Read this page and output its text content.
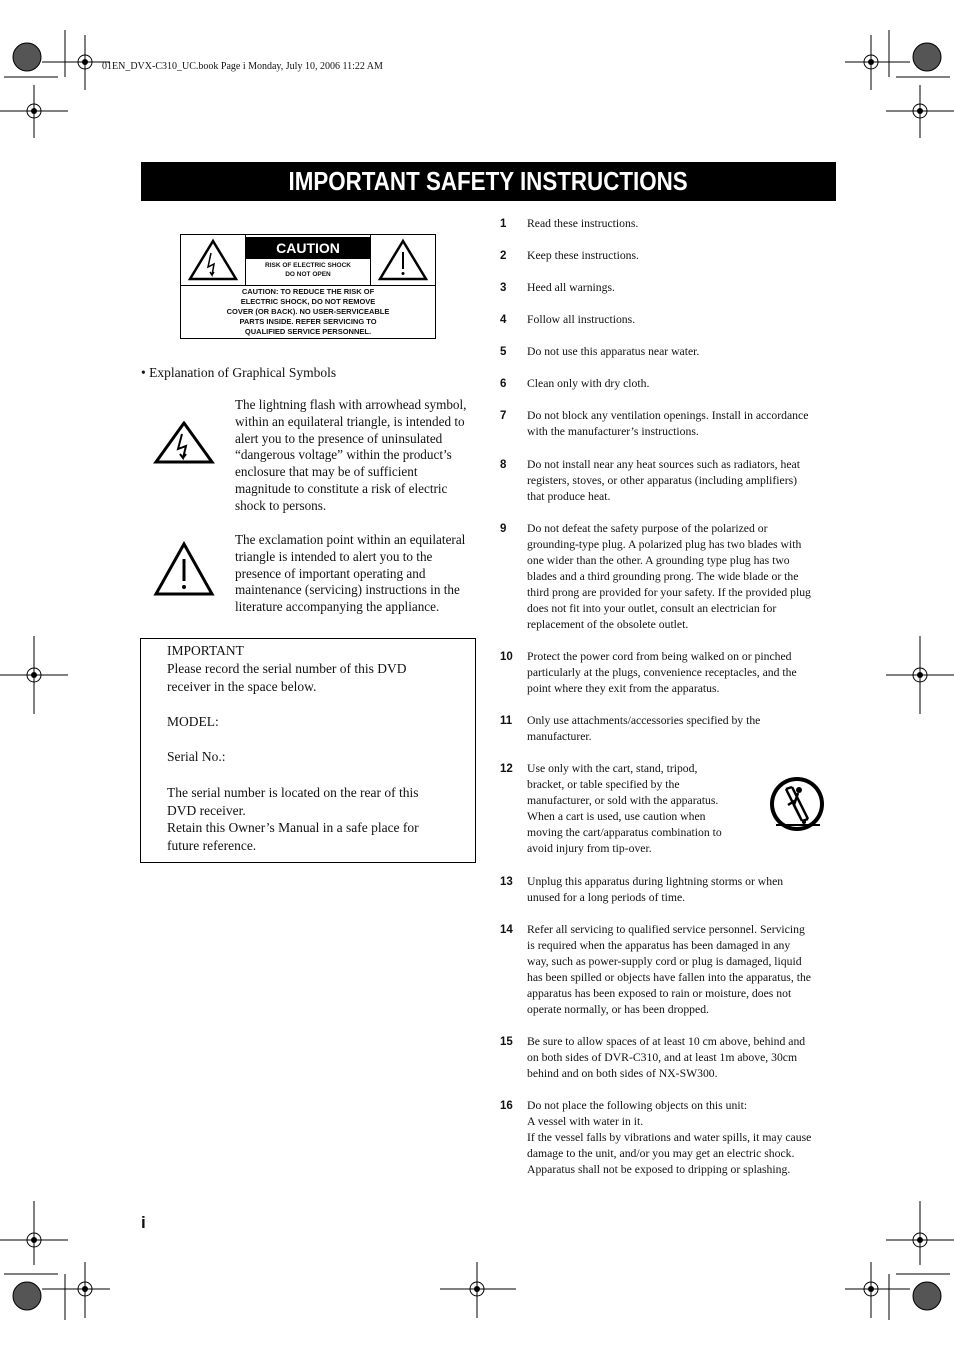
01EN_DVX-C310_UC.book Page i Monday, July 10, 2006 11:22 AM
IMPORTANT SAFETY INSTRUCTIONS
CAUTION
RISK OF ELECTRIC SHOCK
DO NOT OPEN
CAUTION: TO REDUCE THE RISK OF
ELECTRIC SHOCK, DO NOT REMOVE
COVER (OR BACK). NO USER-SERVICEABLE
PARTS INSIDE. REFER SERVICING TO
QUALIFIED SERVICE PERSONNEL.
• Explanation of Graphical Symbols
The lightning flash with arrowhead symbol,
within an equilateral triangle, is intended to
alert you to the presence of uninsulated
“dangerous voltage” within the product’s
enclosure that may be of sufficient
magnitude to constitute a risk of electric
shock to persons.
The exclamation point within an equilateral
triangle is intended to alert you to the
presence of important operating and
maintenance (servicing) instructions in the
literature accompanying the appliance.
IMPORTANT
Please record the serial number of this DVD
receiver in the space below.
MODEL:
Serial No.:
The serial number is located on the rear of this
DVD receiver.
Retain this Owner’s Manual in a safe place for
future reference.
1 Read these instructions.
2 Keep these instructions.
3 Heed all warnings.
4 Follow all instructions.
5 Do not use this apparatus near water.
6 Clean only with dry cloth.
7 Do not block any ventilation openings. Install in accordance
with the manufacturer’s instructions.
8 Do not install near any heat sources such as radiators, heat
registers, stoves, or other apparatus (including amplifiers)
that produce heat.
9 Do not defeat the safety purpose of the polarized or
grounding-type plug. A polarized plug has two blades with
one wider than the other. A grounding type plug has two
blades and a third grounding prong. The wide blade or the
third prong are provided for your safety. If the provided plug
does not fit into your outlet, consult an electrician for
replacement of the obsolete outlet.
10 Protect the power cord from being walked on or pinched
particularly at the plugs, convenience receptacles, and the
point where they exit from the apparatus.
11 Only use attachments/accessories specified by the
manufacturer.
12 Use only with the cart, stand, tripod,
bracket, or table specified by the
manufacturer, or sold with the apparatus.
When a cart is used, use caution when
moving the cart/apparatus combination to
avoid injury from tip-over.
13 Unplug this apparatus during lightning storms or when
unused for a long periods of time.
14 Refer all servicing to qualified service personnel. Servicing
is required when the apparatus has been damaged in any
way, such as power-supply cord or plug is damaged, liquid
has been spilled or objects have fallen into the apparatus, the
apparatus has been exposed to rain or moisture, does not
operate normally, or has been dropped.
15 Be sure to allow spaces of at least 10 cm above, behind and
on both sides of DVR-C310, and at least 1m above, 30cm
behind and on both sides of NX-SW300.
16 Do not place the following objects on this unit:
A vessel with water in it.
If the vessel falls by vibrations and water spills, it may cause
damage to the unit, and/or you may get an electric shock.
Apparatus shall not be exposed to dripping or splashing.
i
